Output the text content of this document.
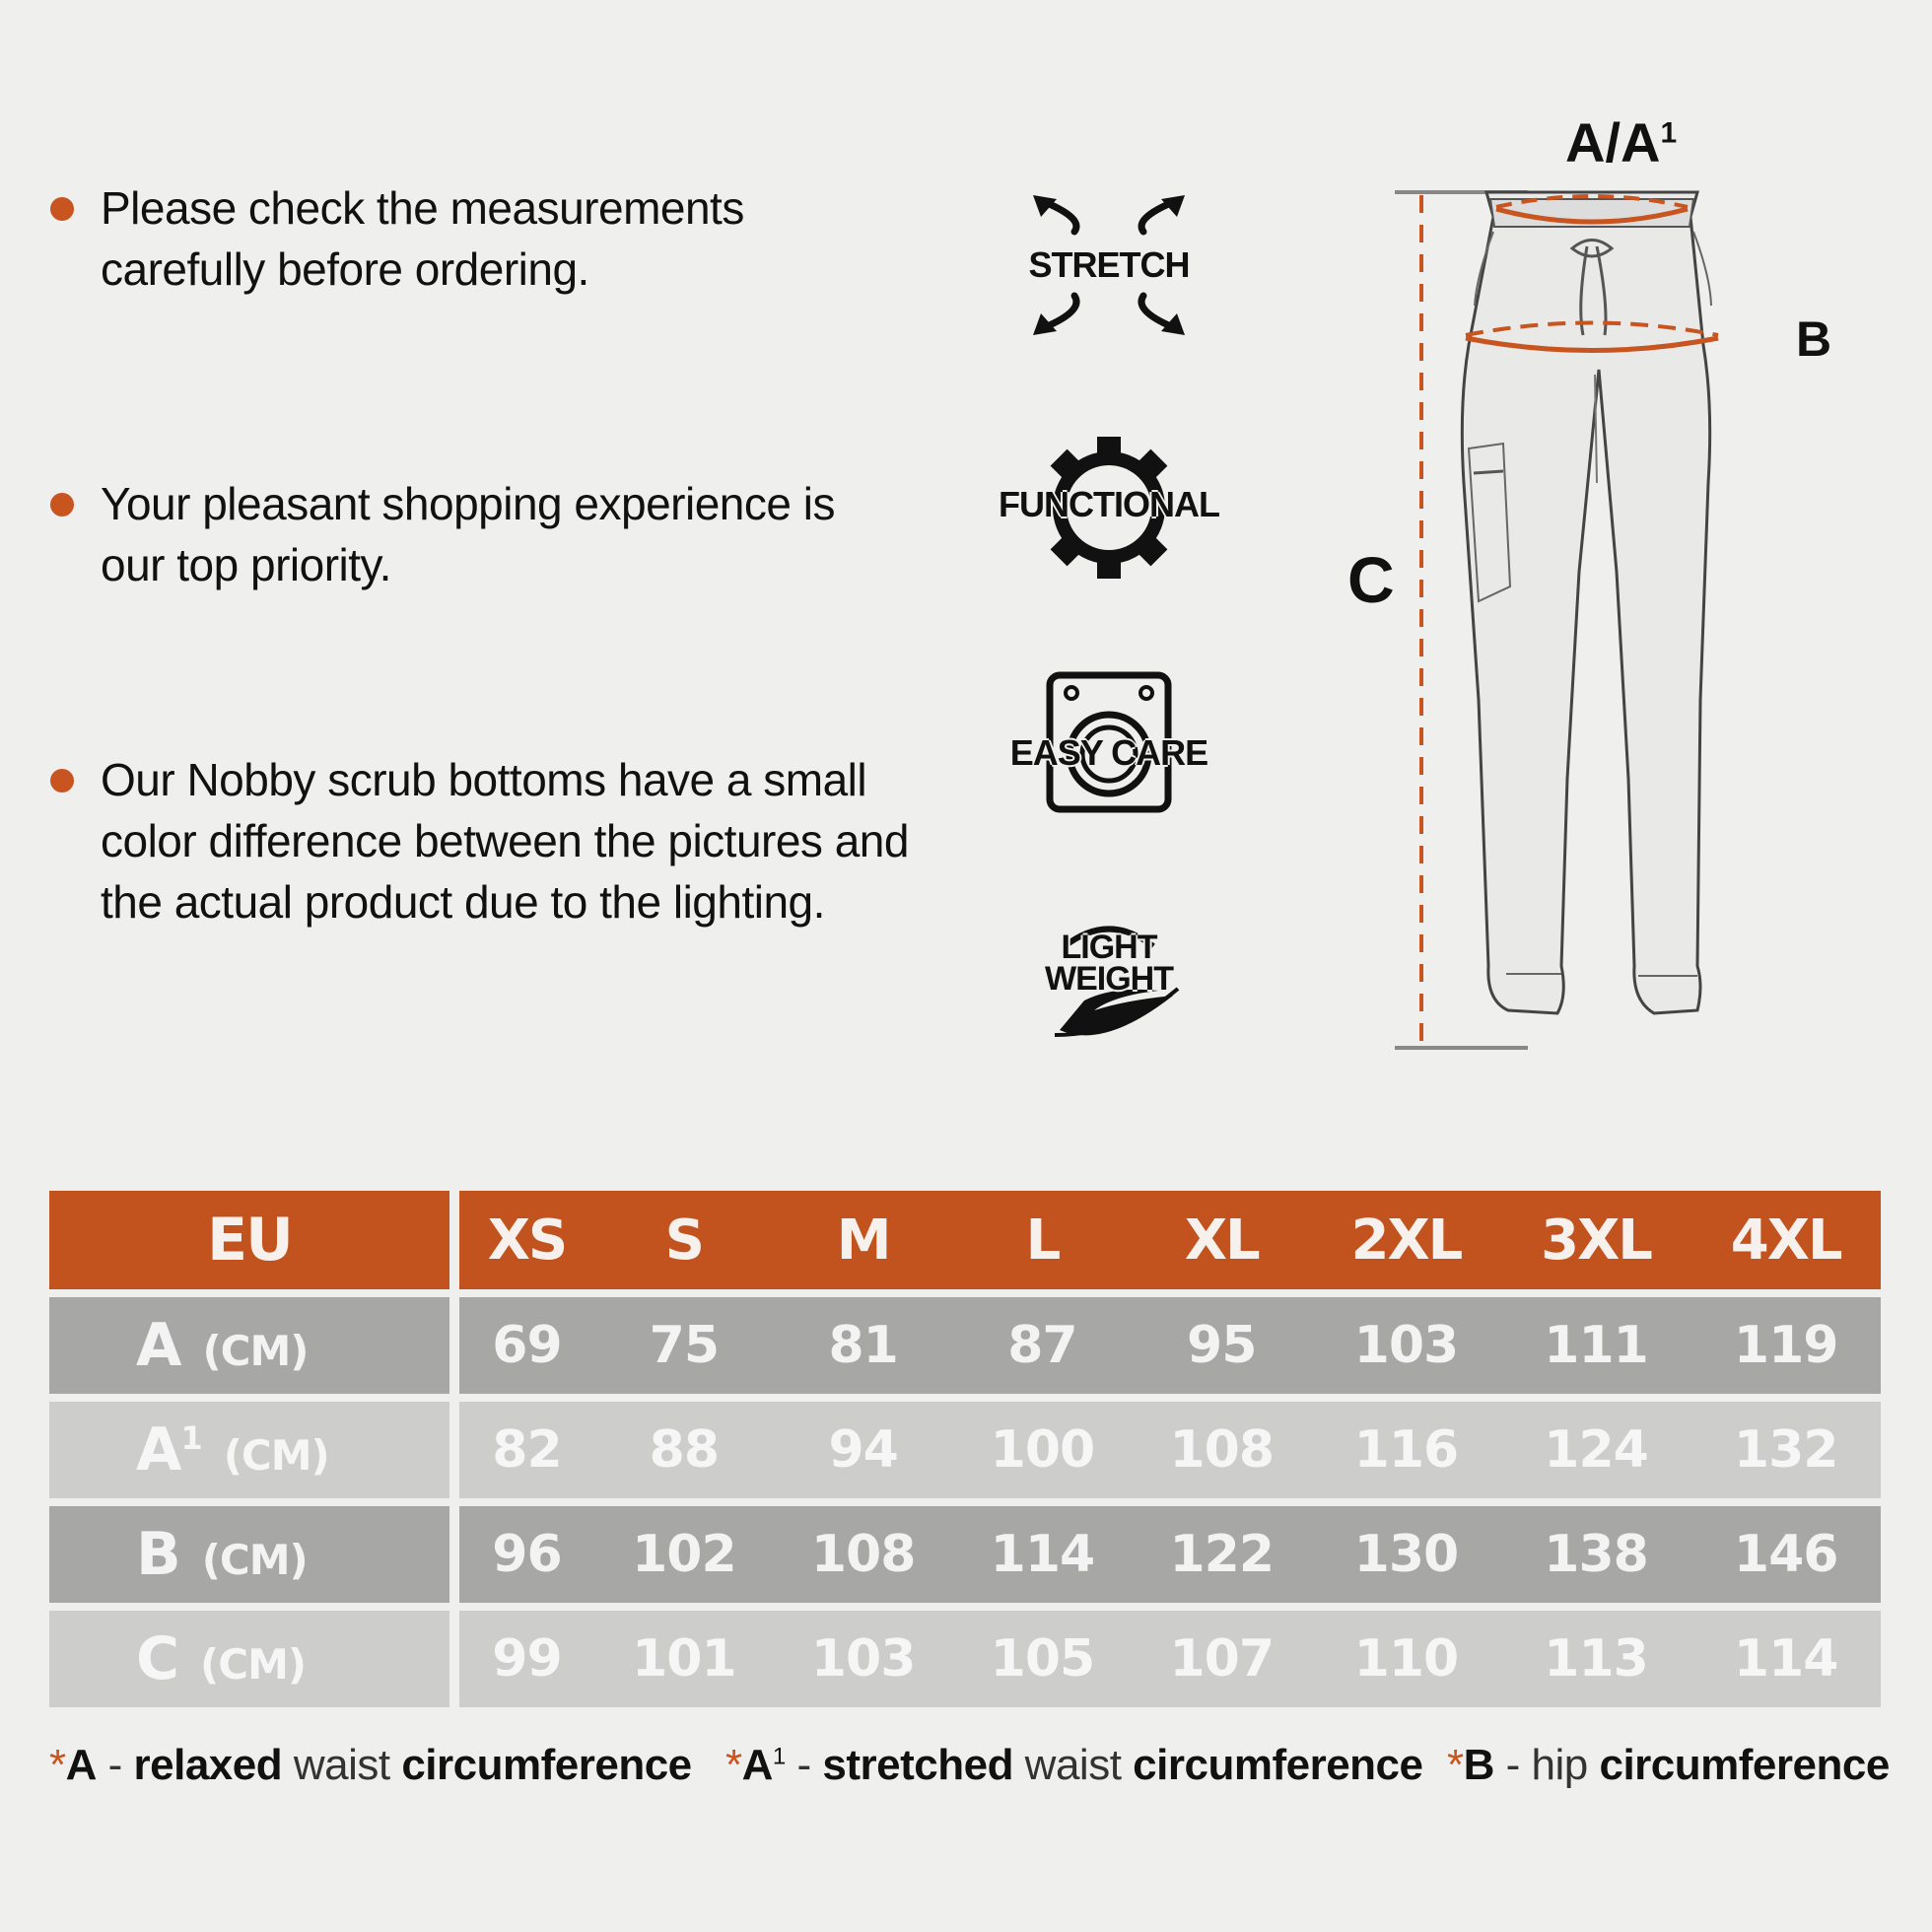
Please check the measurements carefully before ordering.
Your pleasant shopping experience is our top priority.
Our Nobby scrub bottoms have a small color difference between the pictures and the actual product due to the lighting.
STRETCH
FUNCTIONAL
EASY CARE
LIGHT
WEIGHT
$A/A^1$
B
C
EU	XS	S	M	L	XL	2XL	3XL	4XL
A (CM)	69	75	81	87	95	103	111	119
$A^1$ (CM)	82	88	94	100	108	116	124	132
B (CM)	96	102	108	114	122	130	138	146
C (CM)	99	101	103	105	107	110	113	114
*A - relaxed waist circumference $*A^1$ - stretched waist circumference *B - hip circumference
